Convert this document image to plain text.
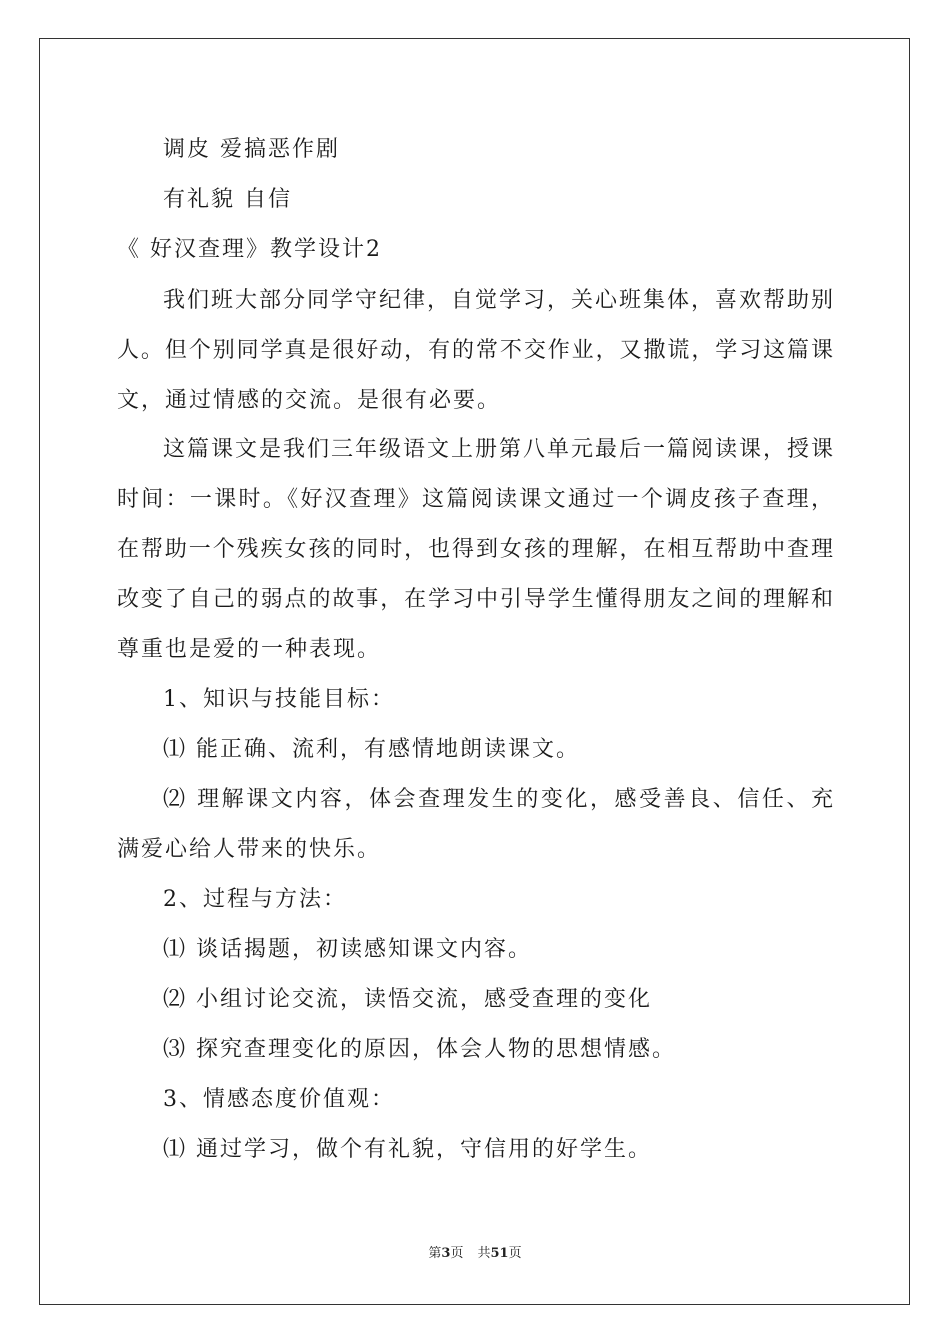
调皮 爱搞恶作剧
有礼貌 自信
《 好汉查理》教学设计2
我们班大部分同学守纪律，自觉学习，关心班集体，喜欢帮助别
人。但个别同学真是很好动，有的常不交作业，又撒谎，学习这篇课
文，通过情感的交流。是很有必要。
这篇课文是我们三年级语文上册第八单元最后一篇阅读课，授课
时间：一课时。《好汉查理》这篇阅读课文通过一个调皮孩子查理，
在帮助一个残疾女孩的同时，也得到女孩的理解，在相互帮助中查理
改变了自己的弱点的故事，在学习中引导学生懂得朋友之间的理解和
尊重也是爱的一种表现。
1、知识与技能目标：
⑴ 能正确、流利，有感情地朗读课文。
⑵ 理解课文内容，体会查理发生的变化，感受善良、信任、充
满爱心给人带来的快乐。
2、过程与方法：
⑴ 谈话揭题，初读感知课文内容。
⑵ 小组讨论交流，读悟交流，感受查理的变化
⑶ 探究查理变化的原因，体会人物的思想情感。
3、情感态度价值观：
⑴ 通过学习，做个有礼貌，守信用的好学生。
第3页 共51页
